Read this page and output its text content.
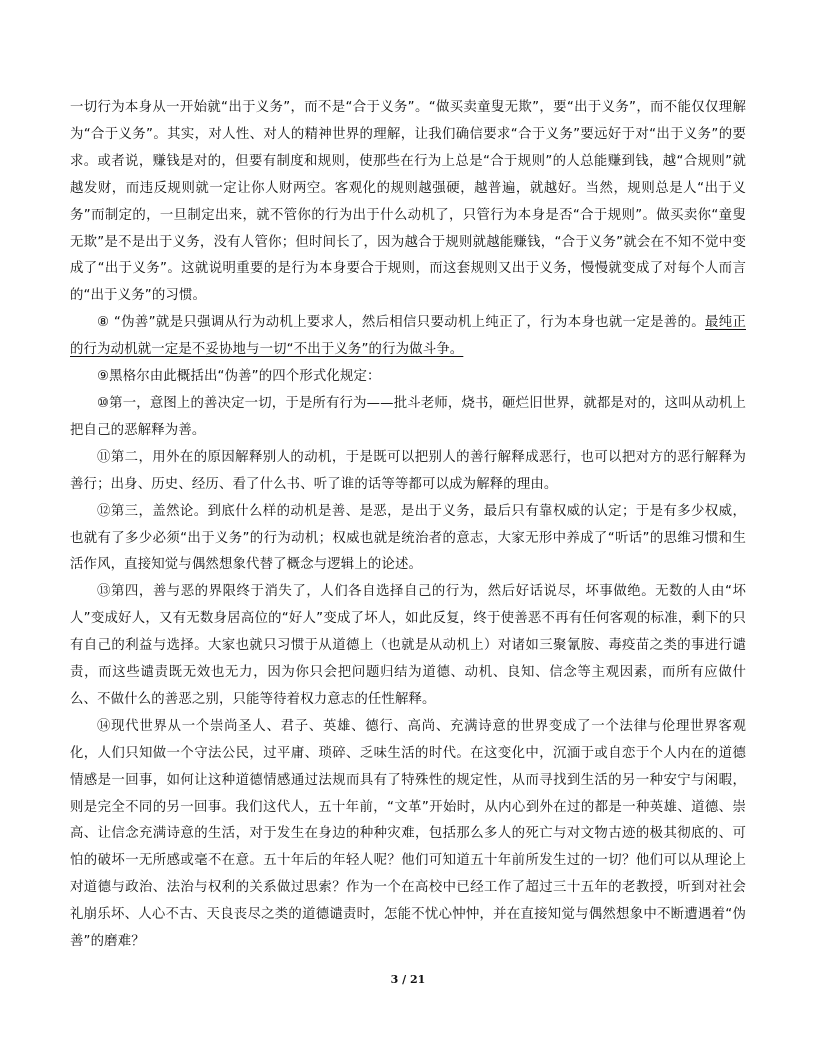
一切行为本身从一开始就“出于义务”，而不是“合于义务”。“做买卖童叟无欺”，要“出于义务”，而不能仅仅理解为“合于义务”。其实，对人性、对人的精神世界的理解，让我们确信要求“合于义务”要远好于对“出于义务”的要求。或者说，赚钱是对的，但要有制度和规则，使那些在行为上总是“合于规则”的人总能赚到钱，越“合规则”就越发财，而违反规则就一定让你人财两空。客观化的规则越强硬，越普遍，就越好。当然，规则总是人“出于义务”而制定的，一旦制定出来，就不管你的行为出于什么动机了，只管行为本身是否“合于规则”。做买卖你“童叟无欺”是不是出于义务，没有人管你；但时间长了，因为越合于规则就越能赚钱，“合于义务”就会在不知不觉中变成了“出于义务”。这就说明重要的是行为本身要合于规则，而这套规则又出于义务，慢慢就变成了对每个人而言的“出于义务”的习惯。

⑧ “伪善”就是只强调从行为动机上要求人，然后相信只要动机上纯正了，行为本身也就一定是善的。最纯正的行为动机就一定是不妥协地与一切“不出于义务”的行为做斗争。

⑨黑格尔由此概括出“伪善”的四个形式化规定：

⑩第一，意图上的善决定一切，于是所有行为——批斗老师，烧书，砸烂旧世界，就都是对的，这叫从动机上把自己的恶解释为善。

⑪第二，用外在的原因解释别人的动机，于是既可以把别人的善行解释成恶行，也可以把对方的恶行解释为善行；出身、历史、经历、看了什么书、听了谁的话等等都可以成为解释的理由。

⑫第三，盖然论。到底什么样的动机是善、是恶，是出于义务，最后只有靠权威的认定；于是有多少权威，也就有了多少必须“出于义务”的行为动机；权威也就是统治者的意志，大家无形中养成了“听话”的思维习惯和生活作风，直接知觉与偶然想象代替了概念与逻辑上的论述。

⑬第四，善与恶的界限终于消失了，人们各自选择自己的行为，然后好话说尽，坏事做绝。无数的人由“坏人”变成好人，又有无数身居高位的“好人”变成了坏人，如此反复，终于使善恶不再有任何客观的标准，剩下的只有自己的利益与选择。大家也就只习惯于从道德上（也就是从动机上）对诸如三聚氰胺、毒疫苗之类的事进行谴责，而这些谴责既无效也无力，因为你只会把问题归结为道德、动机、良知、信念等主观因素，而所有应做什么、不做什么的善恶之别，只能等待着权力意志的任性解释。

⑭现代世界从一个崇尚圣人、君子、英雄、德行、高尚、充满诗意的世界变成了一个法律与伦理世界客观化，人们只知做一个守法公民，过平庸、琐碎、乏味生活的时代。在这变化中，沉湎于或自恋于个人内在的道德情感是一回事，如何让这种道德情感通过法规而具有了特殊性的规定性，从而寻找到生活的另一种安宁与闲暇，则是完全不同的另一回事。我们这代人，五十年前，“文革”开始时，从内心到外在过的都是一种英雄、道德、崇高、让信念充满诗意的生活，对于发生在身边的种种灾难，包括那么多人的死亡与对文物古迹的极其彻底的、可怕的破坏一无所感或毫不在意。五十年后的年轻人呢？他们可知道五十年前所发生过的一切？他们可以从理论上对道德与政治、法治与权利的关系做过思索？作为一个在高校中已经工作了超过三十五年的老教授，听到对社会礼崩乐坏、人心不古、天良丧尽之类的道德谴责时，怎能不忧心忡忡，并在直接知觉与偶然想象中不断遭遇着“伪善”的磨难？

3 / 21
